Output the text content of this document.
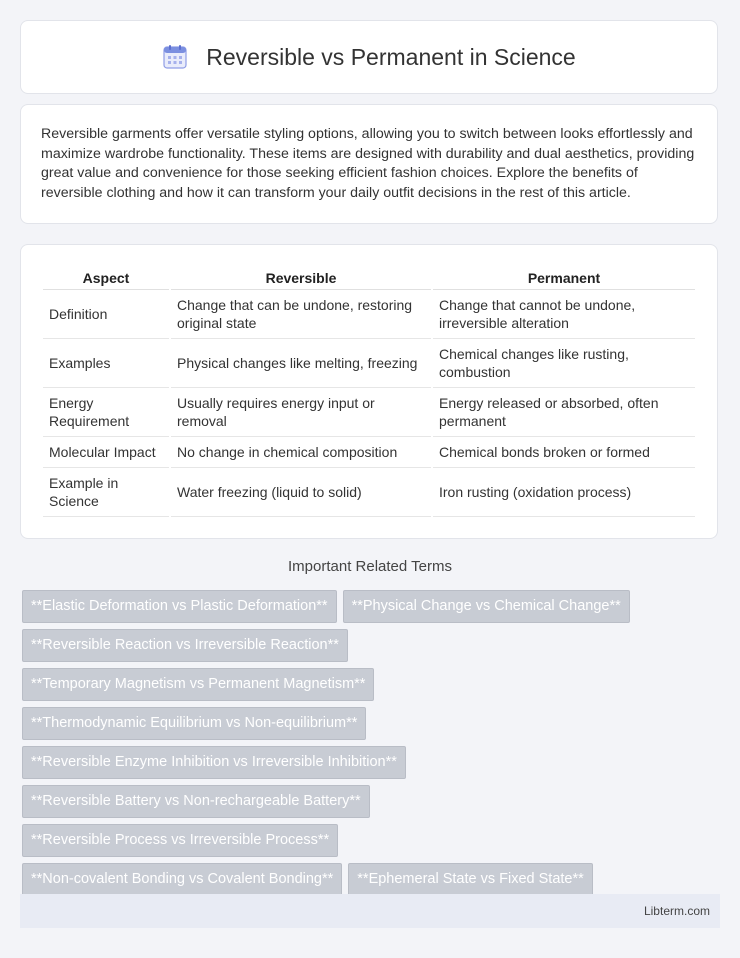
Reversible vs Permanent in Science

Reversible garments offer versatile styling options, allowing you to switch between looks effortlessly and maximize wardrobe functionality. These items are designed with durability and dual aesthetics, providing great value and convenience for those seeking efficient fashion choices. Explore the benefits of reversible clothing and how it can transform your daily outfit decisions in the rest of this article.

Aspect	Reversible	Permanent
Definition	Change that can be undone, restoring original state	Change that cannot be undone, irreversible alteration
Examples	Physical changes like melting, freezing	Chemical changes like rusting, combustion
Energy Requirement	Usually requires energy input or removal	Energy released or absorbed, often permanent
Molecular Impact	No change in chemical composition	Chemical bonds broken or formed
Example in Science	Water freezing (liquid to solid)	Iron rusting (oxidation process)
Important Related Terms
**Elastic Deformation vs Plastic Deformation**	**Physical Change vs Chemical Change**
**Reversible Reaction vs Irreversible Reaction**
**Temporary Magnetism vs Permanent Magnetism**
**Thermodynamic Equilibrium vs Non-equilibrium**
**Reversible Enzyme Inhibition vs Irreversible Inhibition**
**Reversible Battery vs Non-rechargeable Battery**
**Reversible Process vs Irreversible Process**
**Non-covalent Bonding vs Covalent Bonding**	**Ephemeral State vs Fixed State**
Libterm.com
